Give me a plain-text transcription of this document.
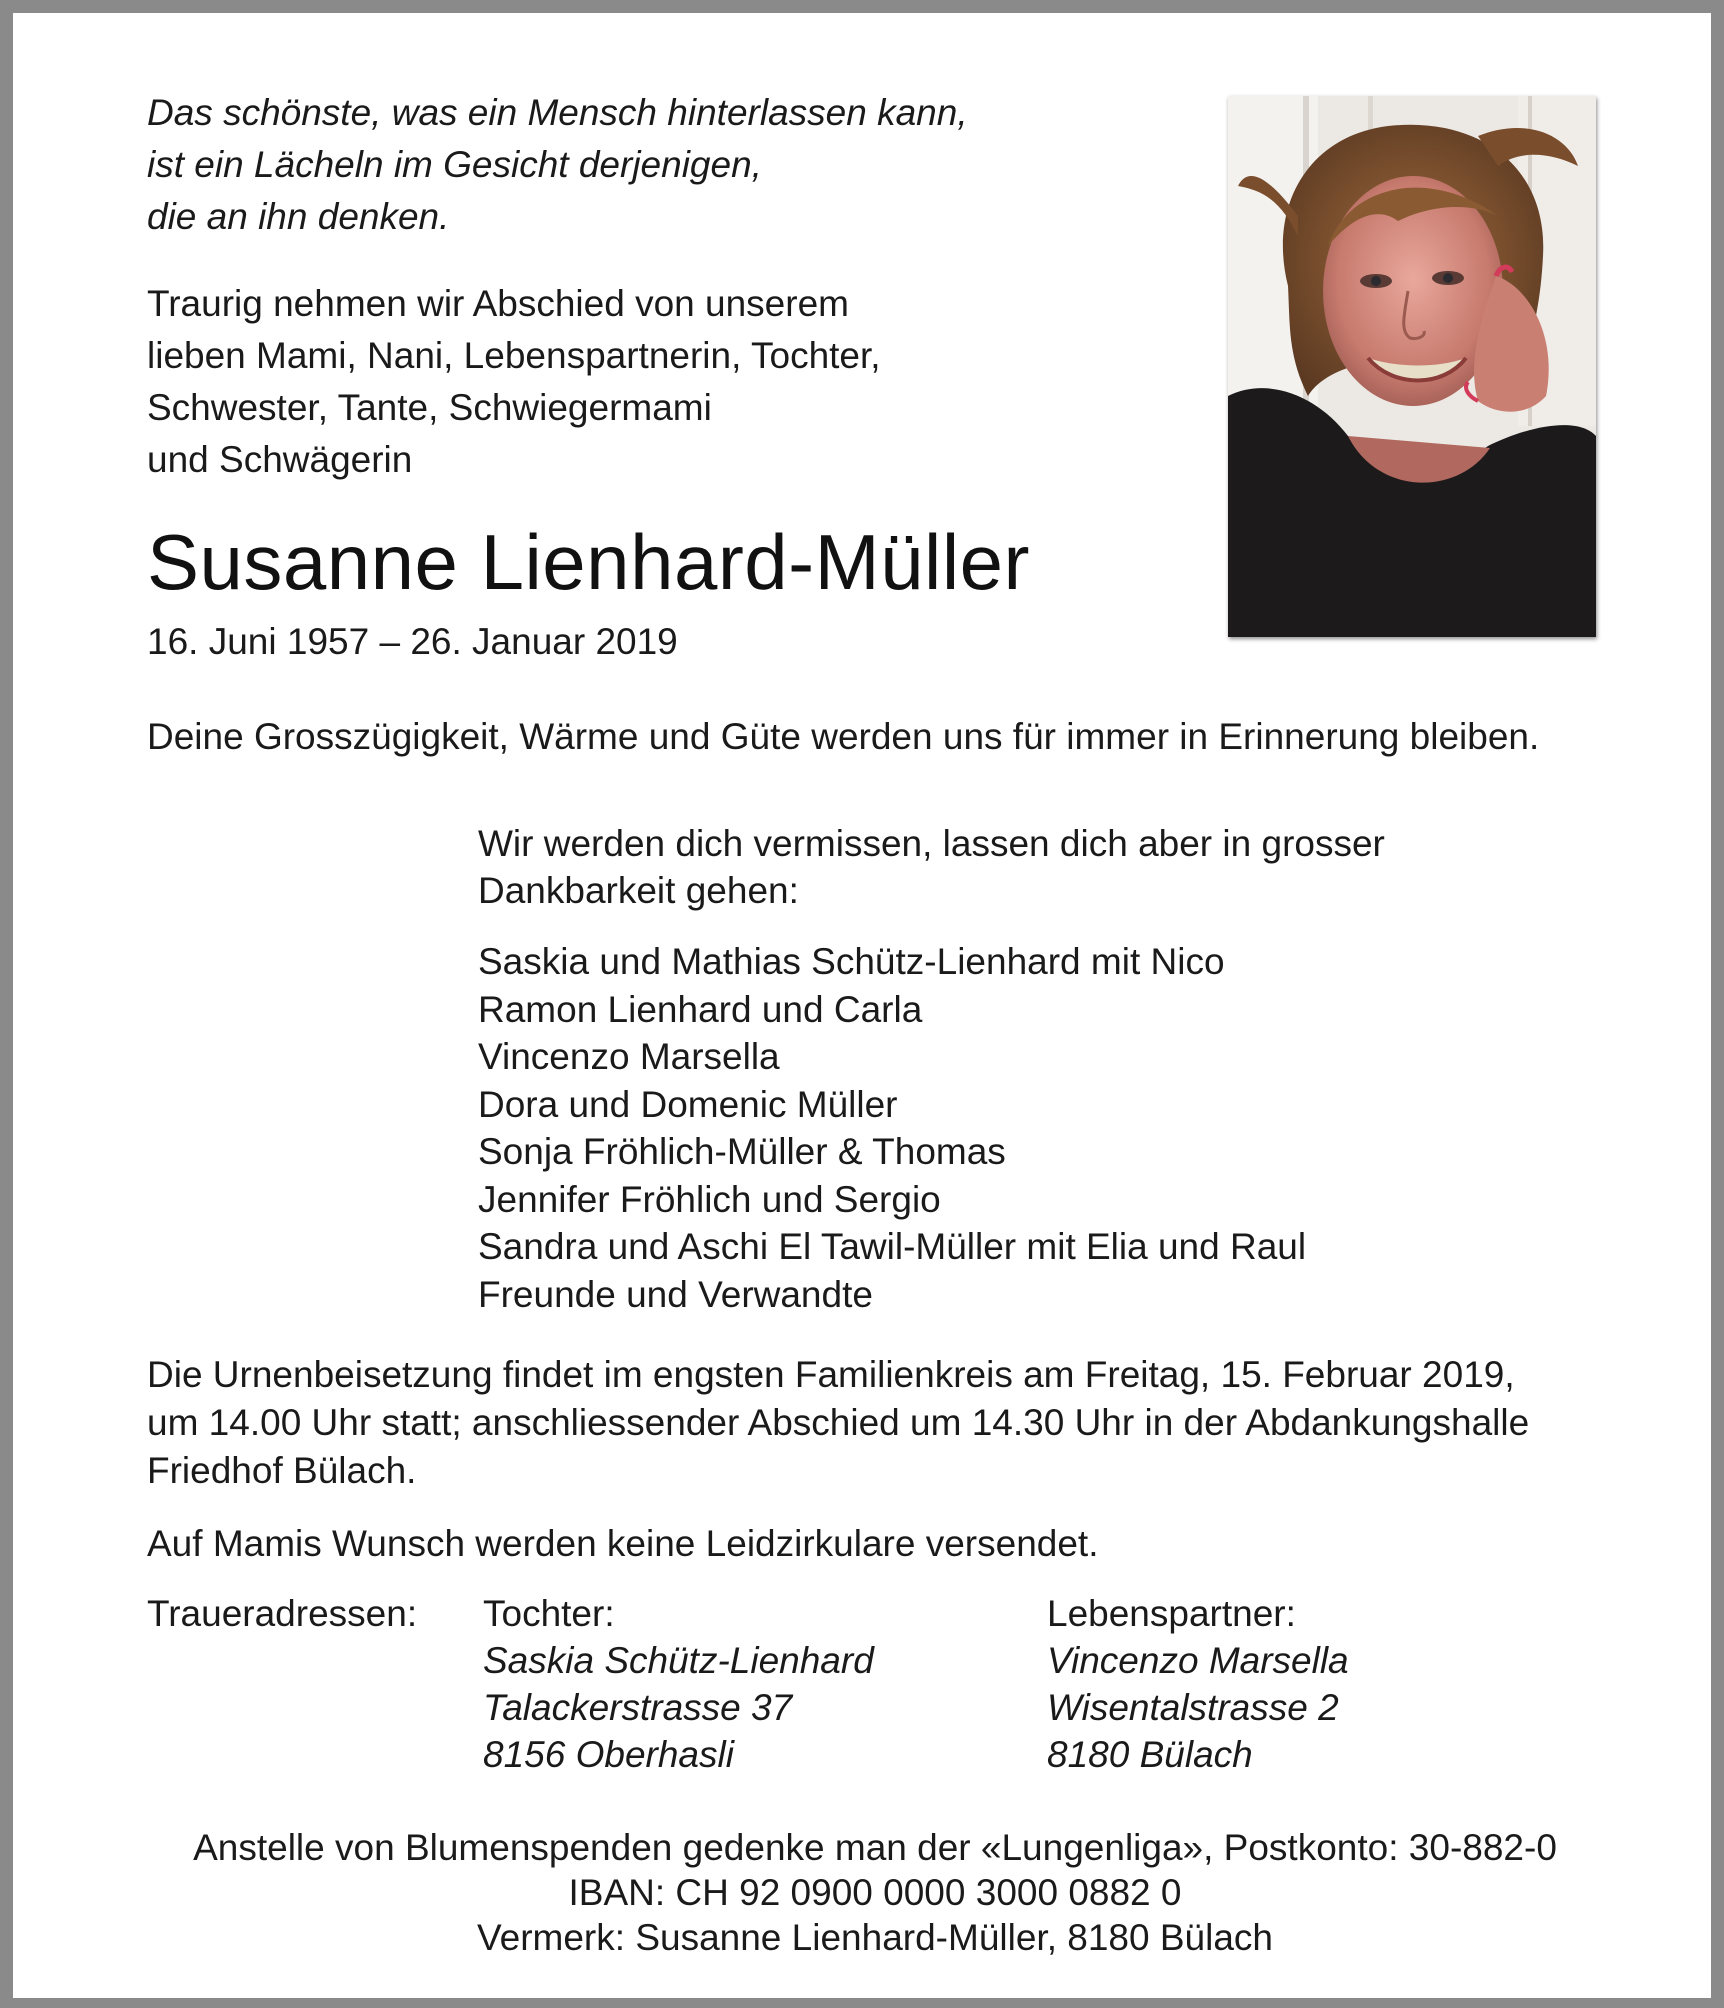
Das schönste, was ein Mensch hinterlassen kann,
ist ein Lächeln im Gesicht derjenigen,
die an ihn denken.
Traurig nehmen wir Abschied von unserem
lieben Mami, Nani, Lebenspartnerin, Tochter,
Schwester, Tante, Schwiegermami
und Schwägerin
Susanne Lienhard-Müller
16. Juni 1957 – 26. Januar 2019
Deine Grosszügigkeit, Wärme und Güte werden uns für immer in Erinnerung bleiben.
Wir werden dich vermissen, lassen dich aber in grosser
Dankbarkeit gehen:
Saskia und Mathias Schütz-Lienhard mit Nico
Ramon Lienhard und Carla
Vincenzo Marsella
Dora und Domenic Müller
Sonja Fröhlich-Müller & Thomas
Jennifer Fröhlich und Sergio
Sandra und Aschi El Tawil-Müller mit Elia und Raul
Freunde und Verwandte
Die Urnenbeisetzung findet im engsten Familienkreis am Freitag, 15. Februar 2019,
um 14.00 Uhr statt; anschliessender Abschied um 14.30 Uhr in der Abdankungshalle
Friedhof Bülach.
Auf Mamis Wunsch werden keine Leidzirkulare versendet.
Traueradressen: Tochter:
Saskia Schütz-Lienhard
Talackerstrasse 37
8156 Oberhasli
Lebenspartner:
Vincenzo Marsella
Wisentalstrasse 2
8180 Bülach
Anstelle von Blumenspenden gedenke man der «Lungenliga», Postkonto: 30-882-0
IBAN: CH 92 0900 0000 3000 0882 0
Vermerk: Susanne Lienhard-Müller, 8180 Bülach
